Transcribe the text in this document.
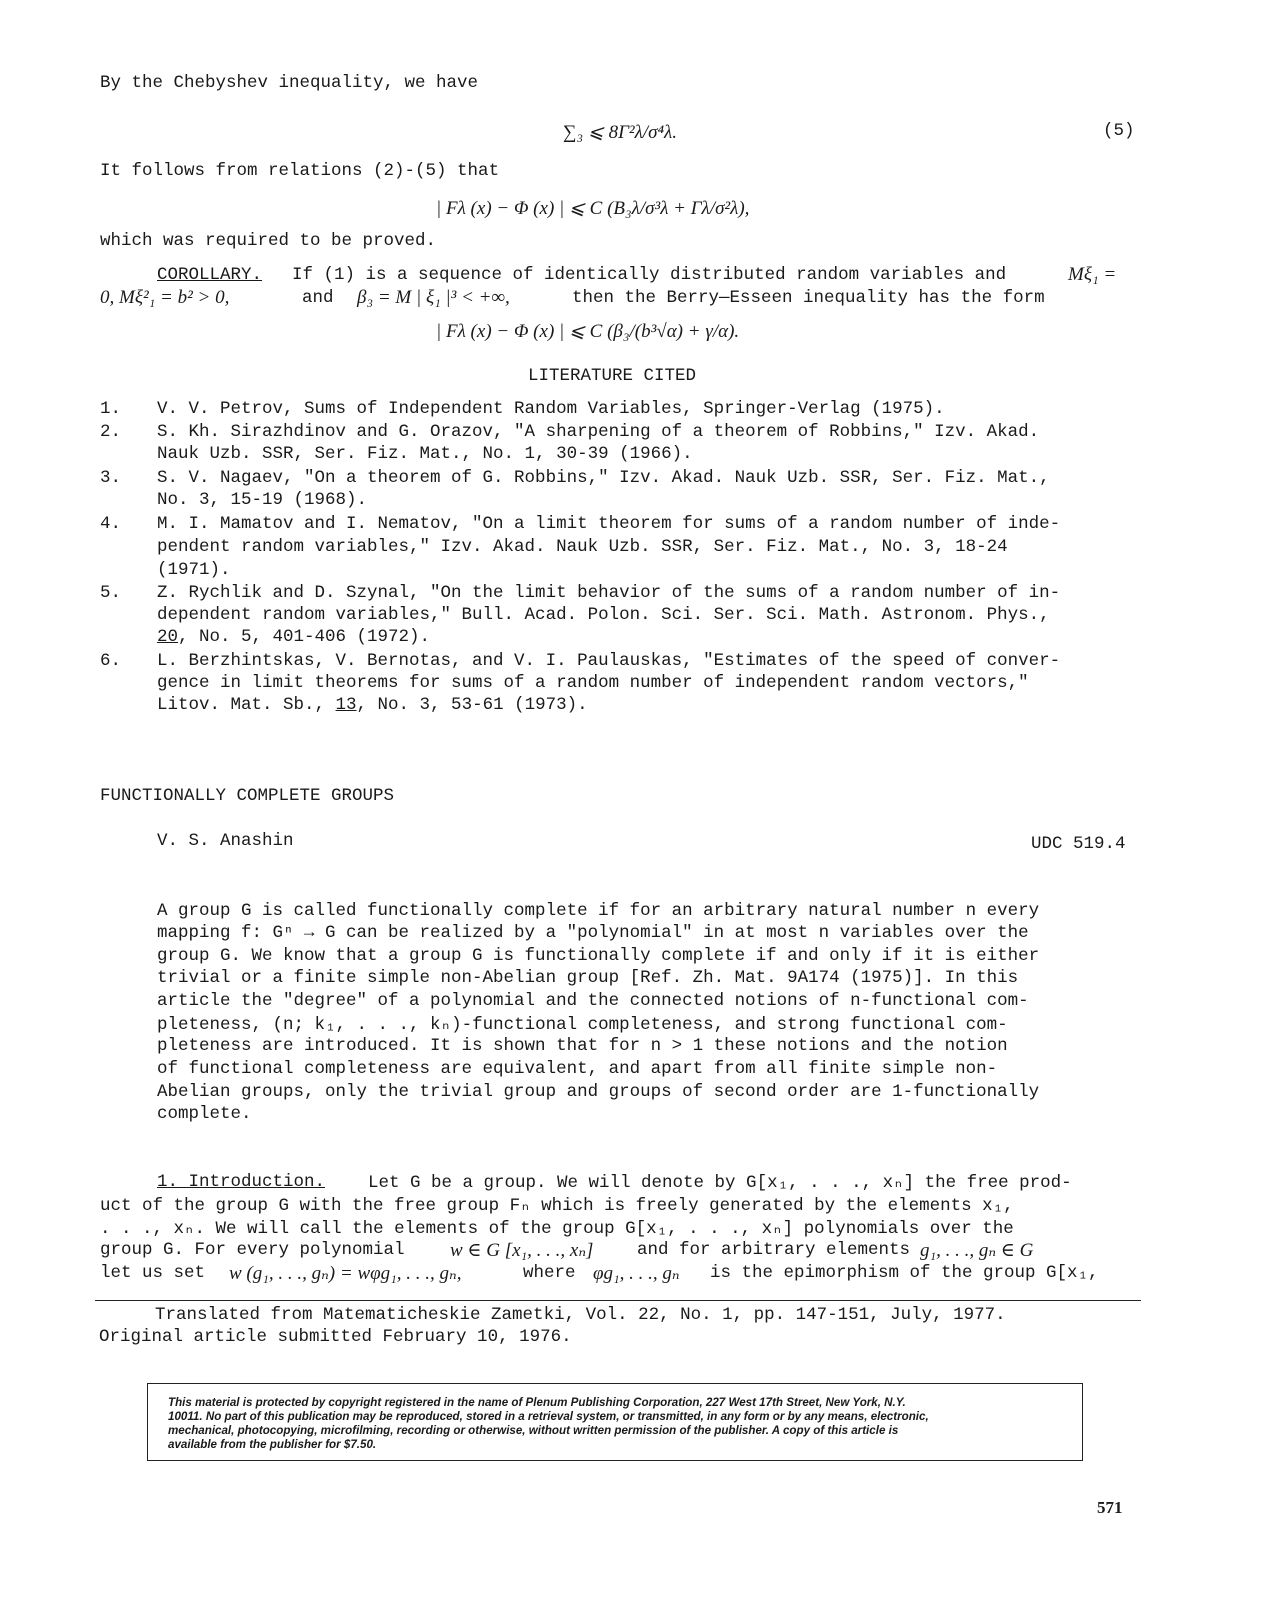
By the Chebyshev inequality, we have
∑₃ ⩽ 8Γ²λ/σ⁴λ.	(5)
It follows from relations (2)-(5) that
| Fλ (x) − Φ (x) | ⩽ C (B₃λ/σ³λ + Γλ/σ²λ),
which was required to be proved.
COROLLARY. If (1) is a sequence of identically distributed random variables and	Mξ₁ =
0, Mξ²₁ = b² > 0,	and β₃ = M | ξ₁ |³ < +∞,	then the Berry—Esseen inequality has the form
| Fλ (x) − Φ (x) | ⩽ C (β₃/(b³√α) + γ/α).
LITERATURE CITED
1. V. V. Petrov, Sums of Independent Random Variables, Springer-Verlag (1975).
2. S. Kh. Sirazhdinov and G. Orazov, "A sharpening of a theorem of Robbins," Izv. Akad.
Nauk Uzb. SSR, Ser. Fiz. Mat., No. 1, 30-39 (1966).
3. S. V. Nagaev, "On a theorem of G. Robbins," Izv. Akad. Nauk Uzb. SSR, Ser. Fiz. Mat.,
No. 3, 15-19 (1968).
4. M. I. Mamatov and I. Nematov, "On a limit theorem for sums of a random number of inde-
pendent random variables," Izv. Akad. Nauk Uzb. SSR, Ser. Fiz. Mat., No. 3, 18-24
(1971).
5. Z. Rychlik and D. Szynal, "On the limit behavior of the sums of a random number of in-
dependent random variables," Bull. Acad. Polon. Sci. Ser. Sci. Math. Astronom. Phys.,
20, No. 5, 401-406 (1972).
6. L. Berzhintskas, V. Bernotas, and V. I. Paulauskas, "Estimates of the speed of conver-
gence in limit theorems for sums of a random number of independent random vectors,"
Litov. Mat. Sb., 13, No. 3, 53-61 (1973).
FUNCTIONALLY COMPLETE GROUPS
V. S. Anashin	UDC 519.4
A group G is called functionally complete if for an arbitrary natural number n every
mapping f: Gⁿ → G can be realized by a "polynomial" in at most n variables over the
group G. We know that a group G is functionally complete if and only if it is either
trivial or a finite simple non-Abelian group [Ref. Zh. Mat. 9A174 (1975)]. In this
article the "degree" of a polynomial and the connected notions of n-functional com-
pleteness, (n; k₁, . . ., kₙ)-functional completeness, and strong functional com-
pleteness are introduced. It is shown that for n > 1 these notions and the notion
of functional completeness are equivalent, and apart from all finite simple non-
Abelian groups, only the trivial group and groups of second order are 1-functionally
complete.
1. Introduction. Let G be a group. We will denote by G[x₁, . . ., xₙ] the free prod-
uct of the group G with the free group Fₙ which is freely generated by the elements x₁,
. . ., xₙ. We will call the elements of the group G[x₁, . . ., xₙ] polynomials over the
group G. For every polynomial w ∈ G [x₁, . . ., xₙ] and for arbitrary elements g₁, . . ., gₙ ∈ G
let us set w (g₁, . . ., gₙ) = wφg₁, . . ., gₙ,	where φg₁, . . ., gₙ is the epimorphism of the group G[x₁,
Translated from Matematicheskie Zametki, Vol. 22, No. 1, pp. 147-151, July, 1977.
Original article submitted February 10, 1976.
This material is protected by copyright registered in the name of Plenum Publishing Corporation, 227 West 17th Street, New York, N.Y.
10011. No part of this publication may be reproduced, stored in a retrieval system, or transmitted, in any form or by any means, electronic,
mechanical, photocopying, microfilming, recording or otherwise, without written permission of the publisher. A copy of this article is
available from the publisher for $7.50.
571
